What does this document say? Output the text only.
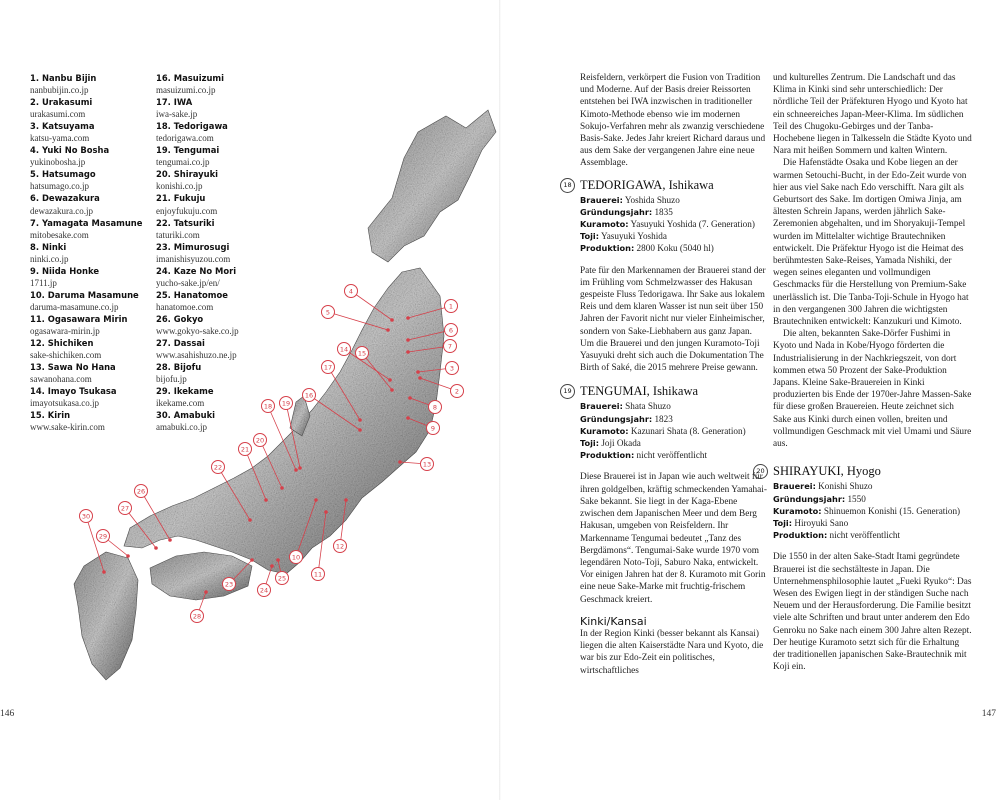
1. Nanbu Bijin
nanbubijin.co.jp
2. Urakasumi
urakasumi.com
3. Katsuyama
katsu-yama.com
4. Yuki No Bosha
yukinobosha.jp
5. Hatsumago
hatsumago.co.jp
6. Dewazakura
dewazakura.co.jp
7. Yamagata Masamune
mitobesake.com
8. Ninki
ninki.co.jp
9. Niida Honke
1711.jp
10. Daruma Masamune
daruma-masamune.co.jp
11. Ogasawara Mirin
ogasawara-mirin.jp
12. Shichiken
sake-shichiken.com
13. Sawa No Hana
sawanohana.com
14. Imayo Tsukasa
imayotsukasa.co.jp
15. Kirin
www.sake-kirin.com
16. Masuizumi
masuizumi.co.jp
17. IWA
iwa-sake.jp
18. Tedorigawa
tedorigawa.com
19. Tengumai
tengumai.co.jp
20. Shirayuki
konishi.co.jp
21. Fukuju
enjoyfukuju.com
22. Tatsuriki
taturiki.com
23. Mimurosugi
imanishisyuzou.com
24. Kaze No Mori
yucho-sake.jp/en/
25. Hanatomoe
hanatomoe.com
26. Gokyo
www.gokyo-sake.co.jp
27. Dassai
www.asahishuzo.ne.jp
28. Bijofu
bijofu.jp
29. Ikekame
ikekame.com
30. Amabuki
amabuki.co.jp
1
2
3
4
5
6
7
8
9
10
11
12
13
14 15
16
17
18 19
20
21
22
23
24
25
26
27
28
29
30
146

Reisfeldern, verkörpert die Fusion von Tradition und Moderne. Auf der Basis dreier Reissorten entstehen bei IWA inzwischen in traditioneller Kimoto-Methode ebenso wie im modernen Sokujo-Verfahren mehr als zwanzig verschiedene Basis-Sake. Jedes Jahr kreiert Richard daraus und aus dem Sake der vergangenen Jahre eine neue Assemblage.

18 TEDORIGAWA, Ishikawa
Brauerei: Yoshida Shuzo
Gründungsjahr: 1835
Kuramoto: Yasuyuki Yoshida (7. Generation)
Toji: Yasuyuki Yoshida
Produktion: 2800 Koku (5040 hl)

Pate für den Markennamen der Brauerei stand der im Frühling vom Schmelzwasser des Hakusan gespeiste Fluss Tedorigawa. Ihr Sake aus lokalem Reis und dem klaren Wasser ist nun seit über 150 Jahren der Favorit nicht nur vieler Einheimischer, sondern von Sake-Liebhabern aus ganz Japan. Um die Brauerei und den jungen Kuramoto-Toji Yasuyuki dreht sich auch die Dokumentation The Birth of Saké, die 2015 mehrere Preise gewann.

19 TENGUMAI, Ishikawa
Brauerei: Shata Shuzo
Gründungsjahr: 1823
Kuramoto: Kazunari Shata (8. Generation)
Toji: Joji Okada
Produktion: nicht veröffentlicht

Diese Brauerei ist in Japan wie auch weltweit für ihren goldgelben, kräftig schmeckenden Yamahai-Sake bekannt. Sie liegt in der Kaga-Ebene zwischen dem Japanischen Meer und dem Berg Hakusan, umgeben von Reisfeldern. Ihr Markenname Tengumai bedeutet „Tanz des Bergdämons“. Tengumai-Sake wurde 1970 vom legendären Noto-Toji, Saburo Naka, entwickelt. Vor einigen Jahren hat der 8. Kuramoto mit Gorin eine neue Sake-Marke mit fruchtig-frischem Geschmack kreiert.

Kinki/Kansai

In der Region Kinki (besser bekannt als Kansai) liegen die alten Kaiserstädte Nara und Kyoto, die war bis zur Edo-Zeit ein politisches, wirtschaftliches

und kulturelles Zentrum. Die Landschaft und das Klima in Kinki sind sehr unterschiedlich: Der nördliche Teil der Präfekturen Hyogo und Kyoto hat ein schneereiches Japan-Meer-Klima. Im südlichen Teil des Chugoku-Gebirges und der Tanba-Hochebene liegen in Talkesseln die Städte Kyoto und Nara mit heißen Sommern und kalten Wintern.

Die Hafenstädte Osaka und Kobe liegen an der warmen Setouchi-Bucht, in der Edo-Zeit wurde von hier aus viel Sake nach Edo verschifft. Nara gilt als Geburtsort des Sake. Im dortigen Omiwa Jinja, am ältesten Schrein Japans, werden jährlich Sake-Zeremonien abgehalten, und im Shoryakuji-Tempel wurden im Mittelalter wichtige Brautechniken entwickelt. Die Präfektur Hyogo ist die Heimat des berühmtesten Sake-Reises, Yamada Nishiki, der wegen seines eleganten und vollmundigen Geschmacks für die Herstellung von Premium-Sake unerlässlich ist. Die Tanba-Toji-Schule in Hyogo hat in den vergangenen 300 Jahren die wichtigsten Brautechniken entwickelt: Kanzukuri und Kimoto.

Die alten, bekannten Sake-Dörfer Fushimi in Kyoto und Nada in Kobe/Hyogo förderten die Industrialisierung in der Nachkriegszeit, von dort kommen etwa 50 Prozent der Sake-Produktion Japans. Kleine Sake-Brauereien in Kinki produzierten bis Ende der 1970er-Jahre Massen-Sake für diese großen Brauereien. Heute zeichnet sich Sake aus Kinki durch einen vollen, breiten und vollmundigen Geschmack mit viel Umami und Säure aus.

20 SHIRAYUKI, Hyogo
Brauerei: Konishi Shuzo
Gründungsjahr: 1550
Kuramoto: Shinuemon Konishi (15. Generation)
Toji: Hiroyuki Sano
Produktion: nicht veröffentlicht

Die 1550 in der alten Sake-Stadt Itami gegründete Brauerei ist die sechstälteste in Japan. Die Unternehmensphilosophie lautet „Fueki Ryuko“: Das Wesen des Ewigen liegt in der ständigen Suche nach Neuem und der Herausforderung. Die Familie besitzt viele alte Schriften und braut unter anderem den Edo Genroku no Sake nach einem 300 Jahre alten Rezept. Der heutige Kuramoto setzt sich für die Erhaltung der traditionellen japanischen Sake-Brautechnik mit Koji ein.

147
